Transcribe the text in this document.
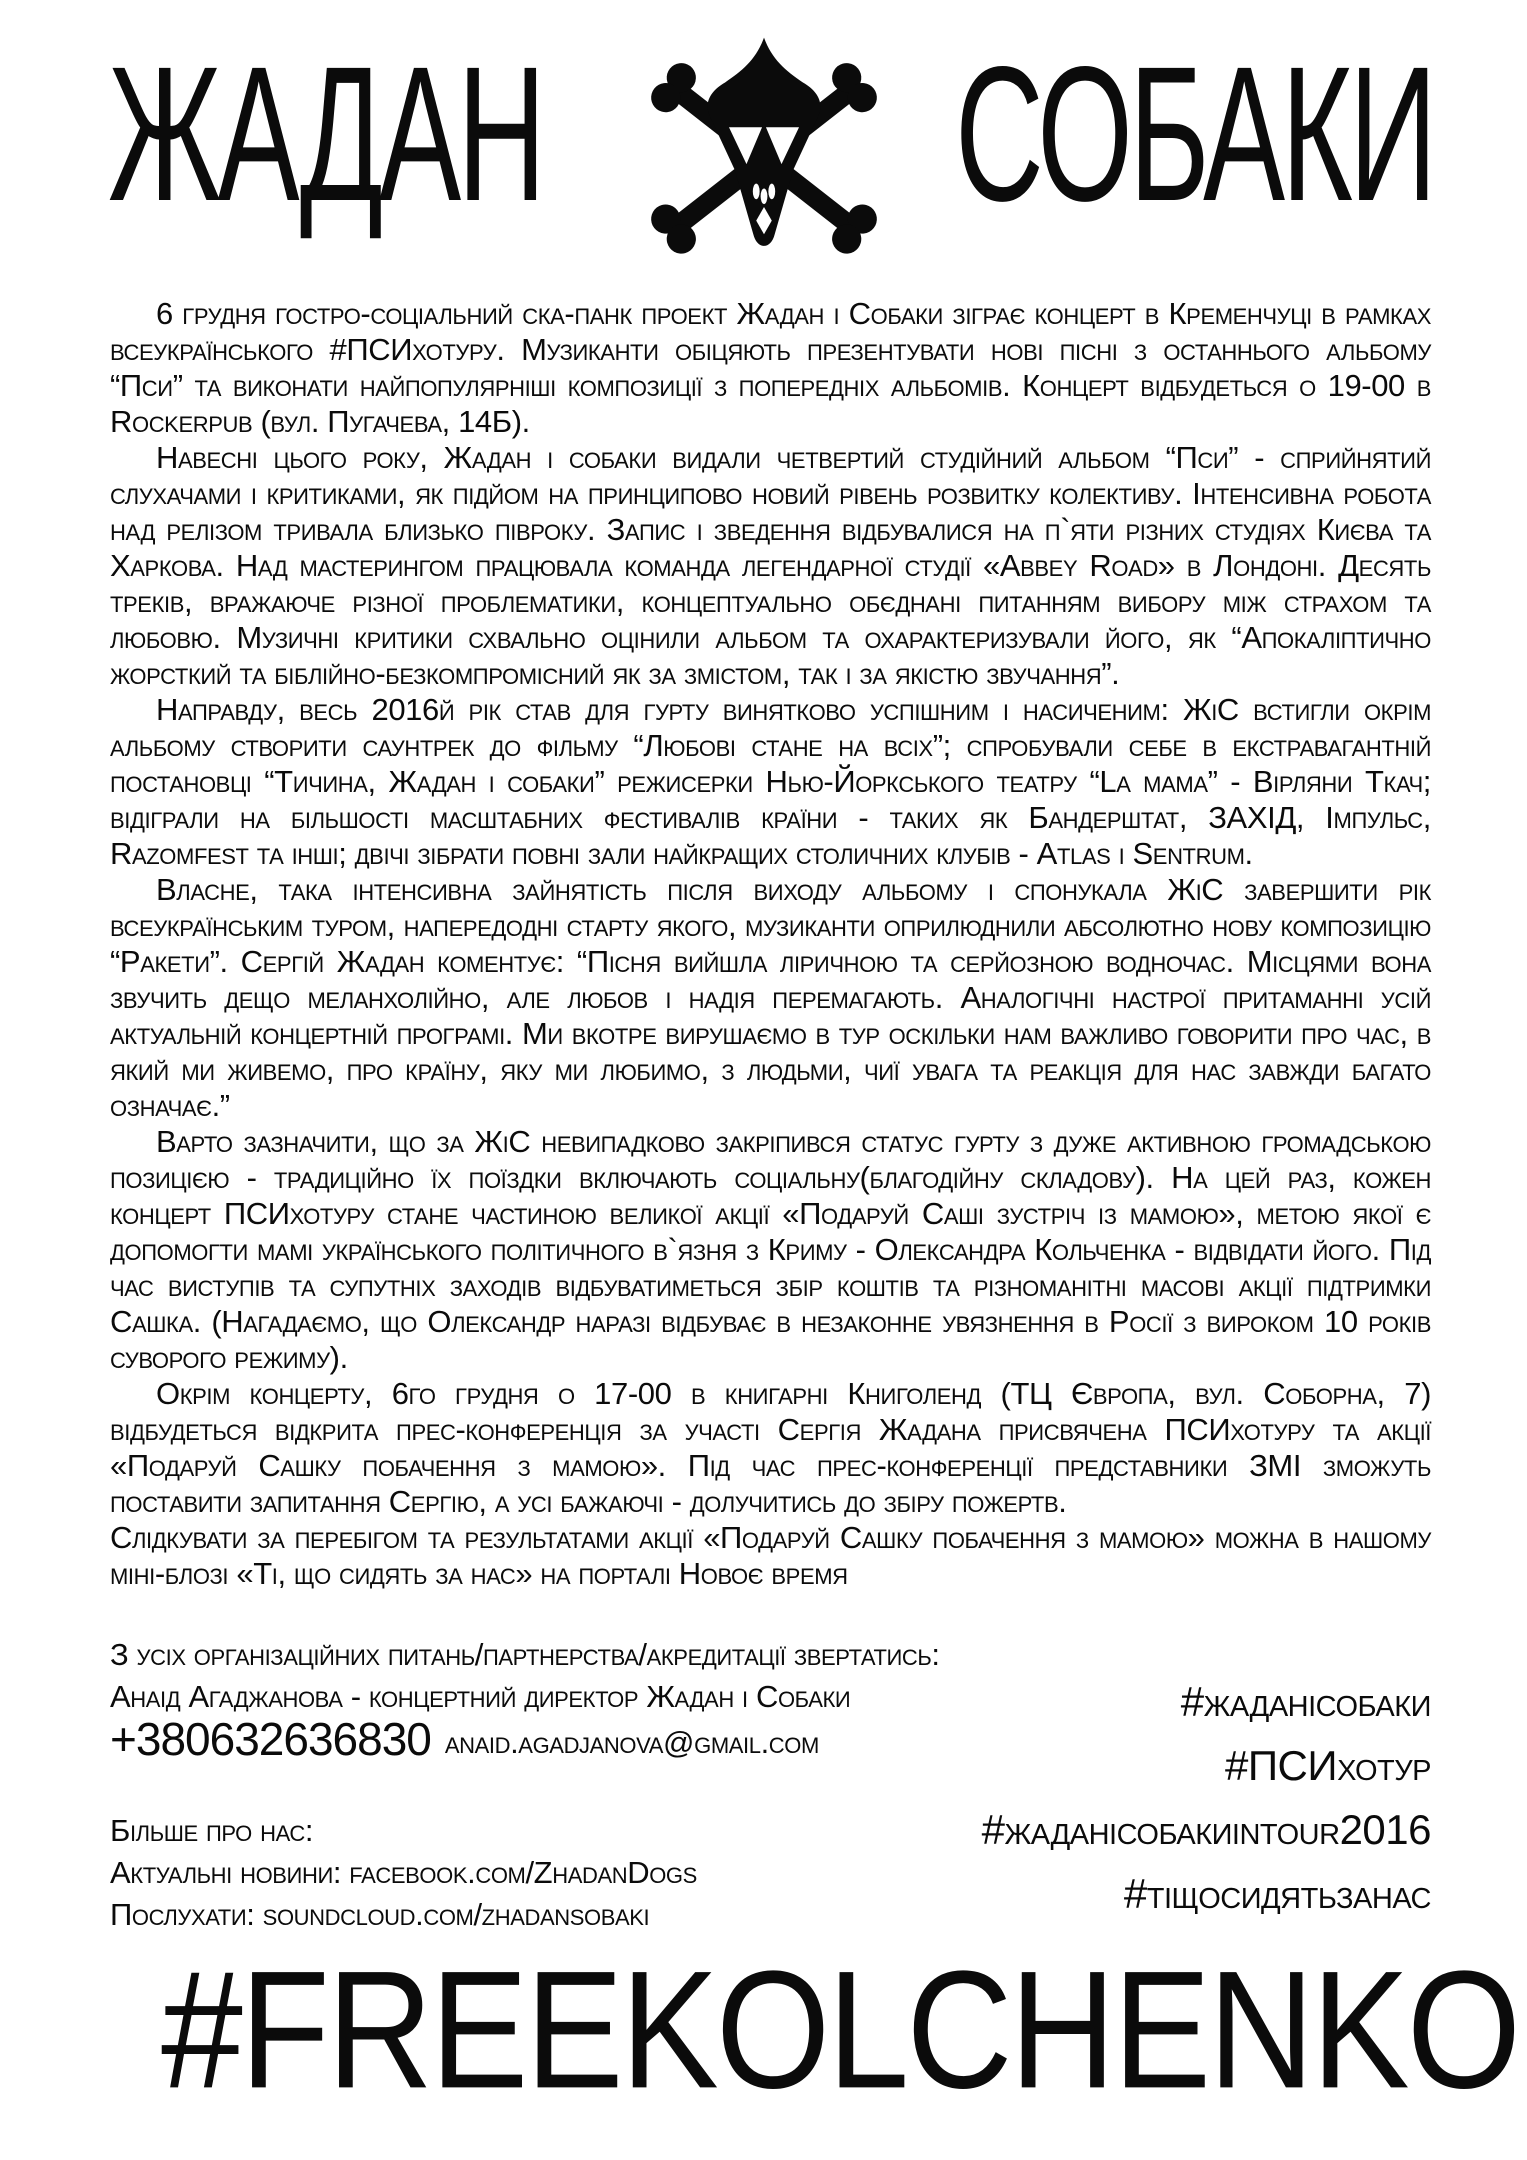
ЖАДАН СОБАКИ

6 грудня гостро-соціальний ска-панк проект Жадан і Собаки зіграє концерт в Кременчуці в рамках всеукраїнського #ПСИхотуру. Музиканти обіцяють презентувати нові пісні з останнього альбому “Пси” та виконати найпопулярніші композиції з попередніх альбомів. Концерт відбудеться о 19-00 в Rockerpub (вул. Пугачева, 14Б).

Навесні цього року, Жадан і собаки видали четвертий студійний альбом “Пси” - сприйнятий слухачами і критиками, як підйом на принципово новий рівень розвитку колективу. Інтенсивна робота над релізом тривала близько півроку. Запис і зведення відбувалися на п`яти різних студіях Києва та Харкова. Над мастерингом працювала команда легендарної студії «Abbey Road» в Лондоні. Десять треків, вражаюче різної проблематики, концептуально обєднані питанням вибору між страхом та любовю. Музичні критики схвально оцінили альбом та охарактеризували його, як “Апокаліптично жорсткий та біблійно-безкомпромісний як за змістом, так і за якістю звучання”.

Направду, весь 2016й рік став для гурту винятково успішним і насиченим: ЖіС встигли окрім альбому створити саунтрек до фільму “Любові стане на всіх”; спробували себе в екстравагантній постановці “Тичина, Жадан і собаки” режисерки Нью-Йоркського театру “La мама” - Вірляни Ткач; відіграли на більшості масштабних фестивалів країни - таких як Бандерштат, ЗАХІД, Імпульс, Razomfest та інші; двічі зібрати повні зали найкращих столичних клубів - Atlas і Sentrum.

Власне, така інтенсивна зайнятість після виходу альбому і спонукала ЖіС завершити рік всеукраїнським туром, напередодні старту якого, музиканти оприлюднили абсолютно нову композицію “Ракети”. Сергій Жадан коментує: “Пісня вийшла ліричною та серйозною водночас. Місцями вона звучить дещо меланхолійно, але любов і надія перемагають. Аналогічні настрої притаманні усій актуальній концертній програмі. Ми вкотре вирушаємо в тур оскільки нам важливо говорити про час, в який ми живемо, про країну, яку ми любимо, з людьми, чиї увага та реакція для нас завжди багато означає.”

Варто зазначити, що за ЖіС невипадково закріпився статус гурту з дуже активною громадською позицією - традиційно їх поїздки включають соціальну(благодійну складову). На цей раз, кожен концерт ПСИхотуру стане частиною великої акції «Подаруй Саші зустріч із мамою», метою якої є допомогти мамі українського політичного в`язня з Криму - Олександра Кольченка - відвідати його. Під час виступів та супутніх заходів відбуватиметься збір коштів та різноманітні масові акції підтримки Сашка. (Нагадаємо, що Олександр наразі відбуває в незаконне увязнення в Росії з вироком 10 років суворого режиму).

Окрім концерту, 6го грудня о 17-00 в книгарні Книголенд (ТЦ Європа, вул. Соборна, 7) відбудеться відкрита прес-конференція за участі Сергія Жадана присвячена ПСИхотуру та акції «Подаруй Сашку побачення з мамою». Під час прес-конференції представники ЗМІ зможуть поставити запитання Сергію, а усі бажаючі - долучитись до збіру пожертв.

Слідкувати за перебігом та результатами акції «Подаруй Сашку побачення з мамою» можна в нашому міні-блозі «Ті, що сидять за нас» на порталі Новоє время

З усіх організаційних питань/партнерства/акредитації звертатись:
Анаід Агаджанова - концертний директор Жадан і Собаки
+380632636830 anaid.agadjanova@gmail.com
Більше про нас:
Актуальні новини: facebook.com/ZhadanDogs
Послухати: soundcloud.com/zhadansobaki
#жаданісобаки
#ПСИхотур
#жаданісобакиintour2016
#тіщосидятьзанас
#FREEKOLCHENKO
